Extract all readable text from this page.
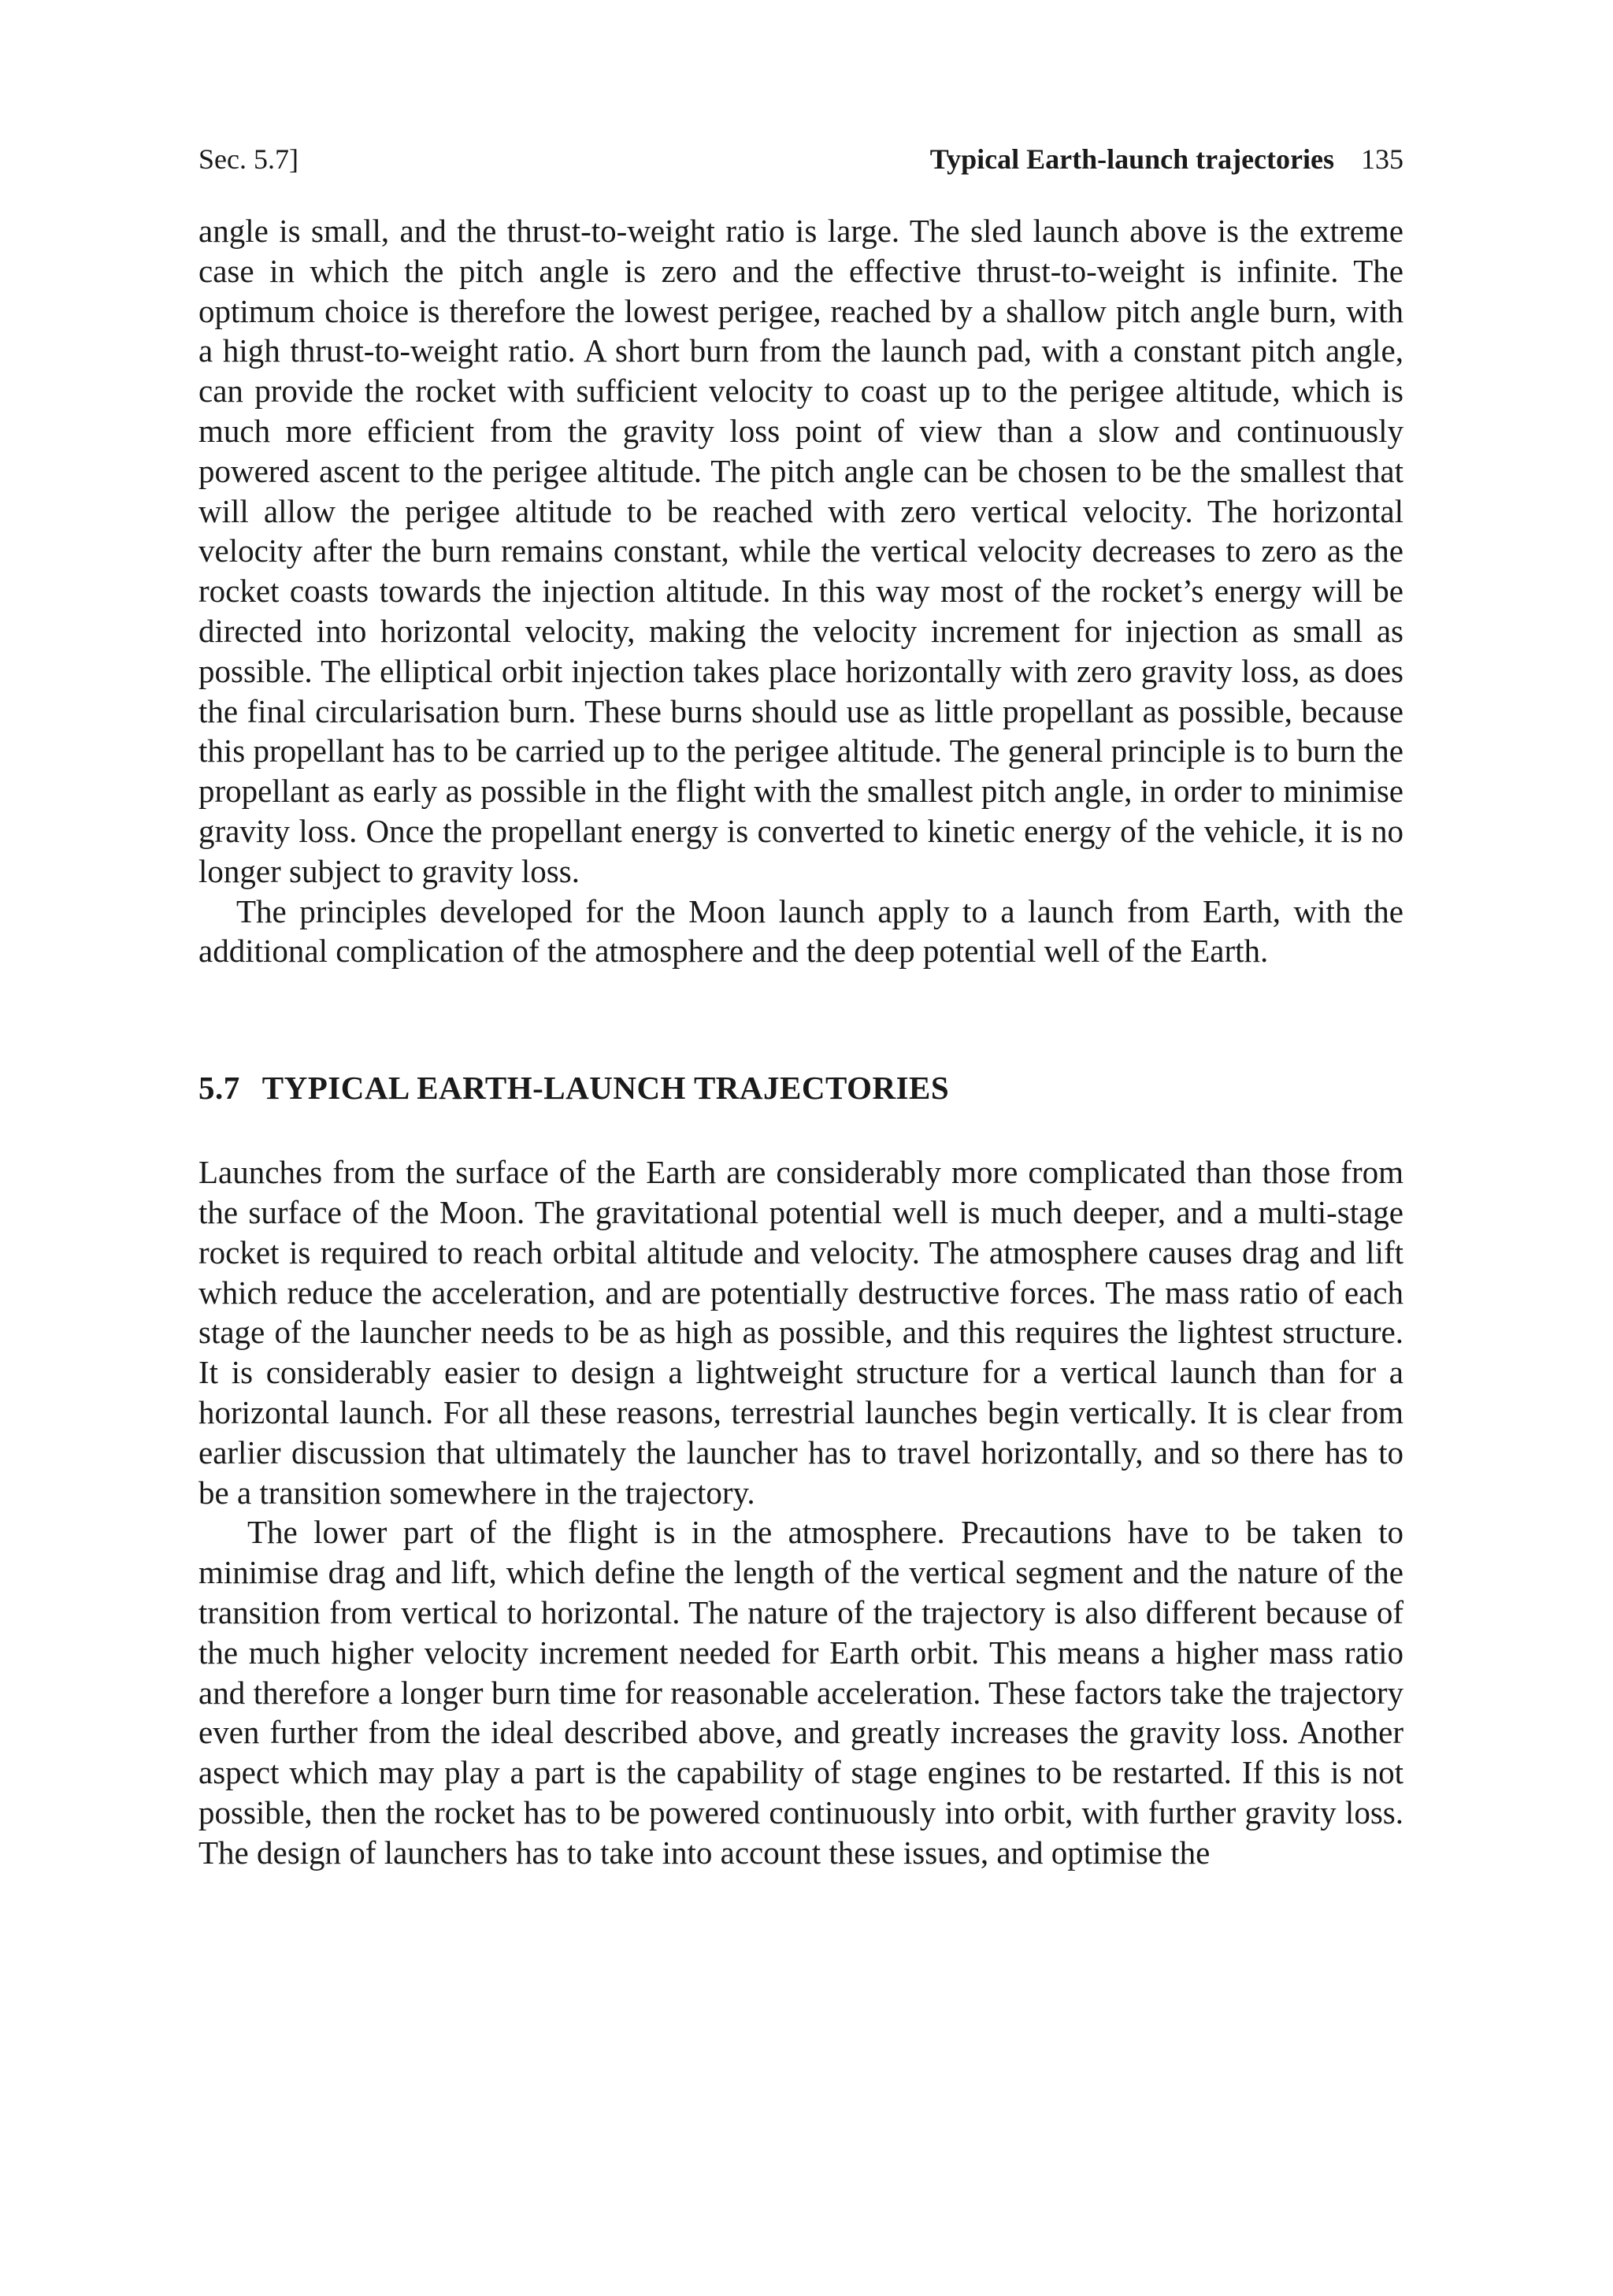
Sec. 5.7]	Typical Earth-launch trajectories 135

angle is small, and the thrust-to-weight ratio is large. The sled launch above is the extreme case in which the pitch angle is zero and the effective thrust-to-weight is infinite. The optimum choice is therefore the lowest perigee, reached by a shallow pitch angle burn, with a high thrust-to-weight ratio. A short burn from the launch pad, with a constant pitch angle, can provide the rocket with sufficient velocity to coast up to the perigee altitude, which is much more efficient from the gravity loss point of view than a slow and continuously powered ascent to the perigee altitude. The pitch angle can be chosen to be the smallest that will allow the perigee altitude to be reached with zero vertical velocity. The horizontal velocity after the burn remains constant, while the vertical velocity decreases to zero as the rocket coasts towards the injection altitude. In this way most of the rocket’s energy will be directed into horizontal velocity, making the velocity increment for injection as small as possible. The elliptical orbit injection takes place horizontally with zero gravity loss, as does the final circularisation burn. These burns should use as little propellant as possible, because this propellant has to be carried up to the perigee altitude. The general principle is to burn the propellant as early as possible in the flight with the smallest pitch angle, in order to minimise gravity loss. Once the propellant energy is converted to kinetic energy of the vehicle, it is no longer subject to gravity loss.

The principles developed for the Moon launch apply to a launch from Earth, with the additional complication of the atmosphere and the deep potential well of the Earth.

5.7 TYPICAL EARTH-LAUNCH TRAJECTORIES

Launches from the surface of the Earth are considerably more complicated than those from the surface of the Moon. The gravitational potential well is much deeper, and a multi-stage rocket is required to reach orbital altitude and velocity. The atmosphere causes drag and lift which reduce the acceleration, and are potentially destructive forces. The mass ratio of each stage of the launcher needs to be as high as possible, and this requires the lightest structure. It is considerably easier to design a lightweight structure for a vertical launch than for a horizontal launch. For all these reasons, terrestrial launches begin vertically. It is clear from earlier discussion that ultimately the launcher has to travel horizontally, and so there has to be a transition somewhere in the trajectory.

The lower part of the flight is in the atmosphere. Precautions have to be taken to minimise drag and lift, which define the length of the vertical segment and the nature of the transition from vertical to horizontal. The nature of the trajectory is also different because of the much higher velocity increment needed for Earth orbit. This means a higher mass ratio and therefore a longer burn time for reasonable acceleration. These factors take the trajectory even further from the ideal described above, and greatly increases the gravity loss. Another aspect which may play a part is the capability of stage engines to be restarted. If this is not possible, then the rocket has to be powered continuously into orbit, with further gravity loss. The design of launchers has to take into account these issues, and optimise the
